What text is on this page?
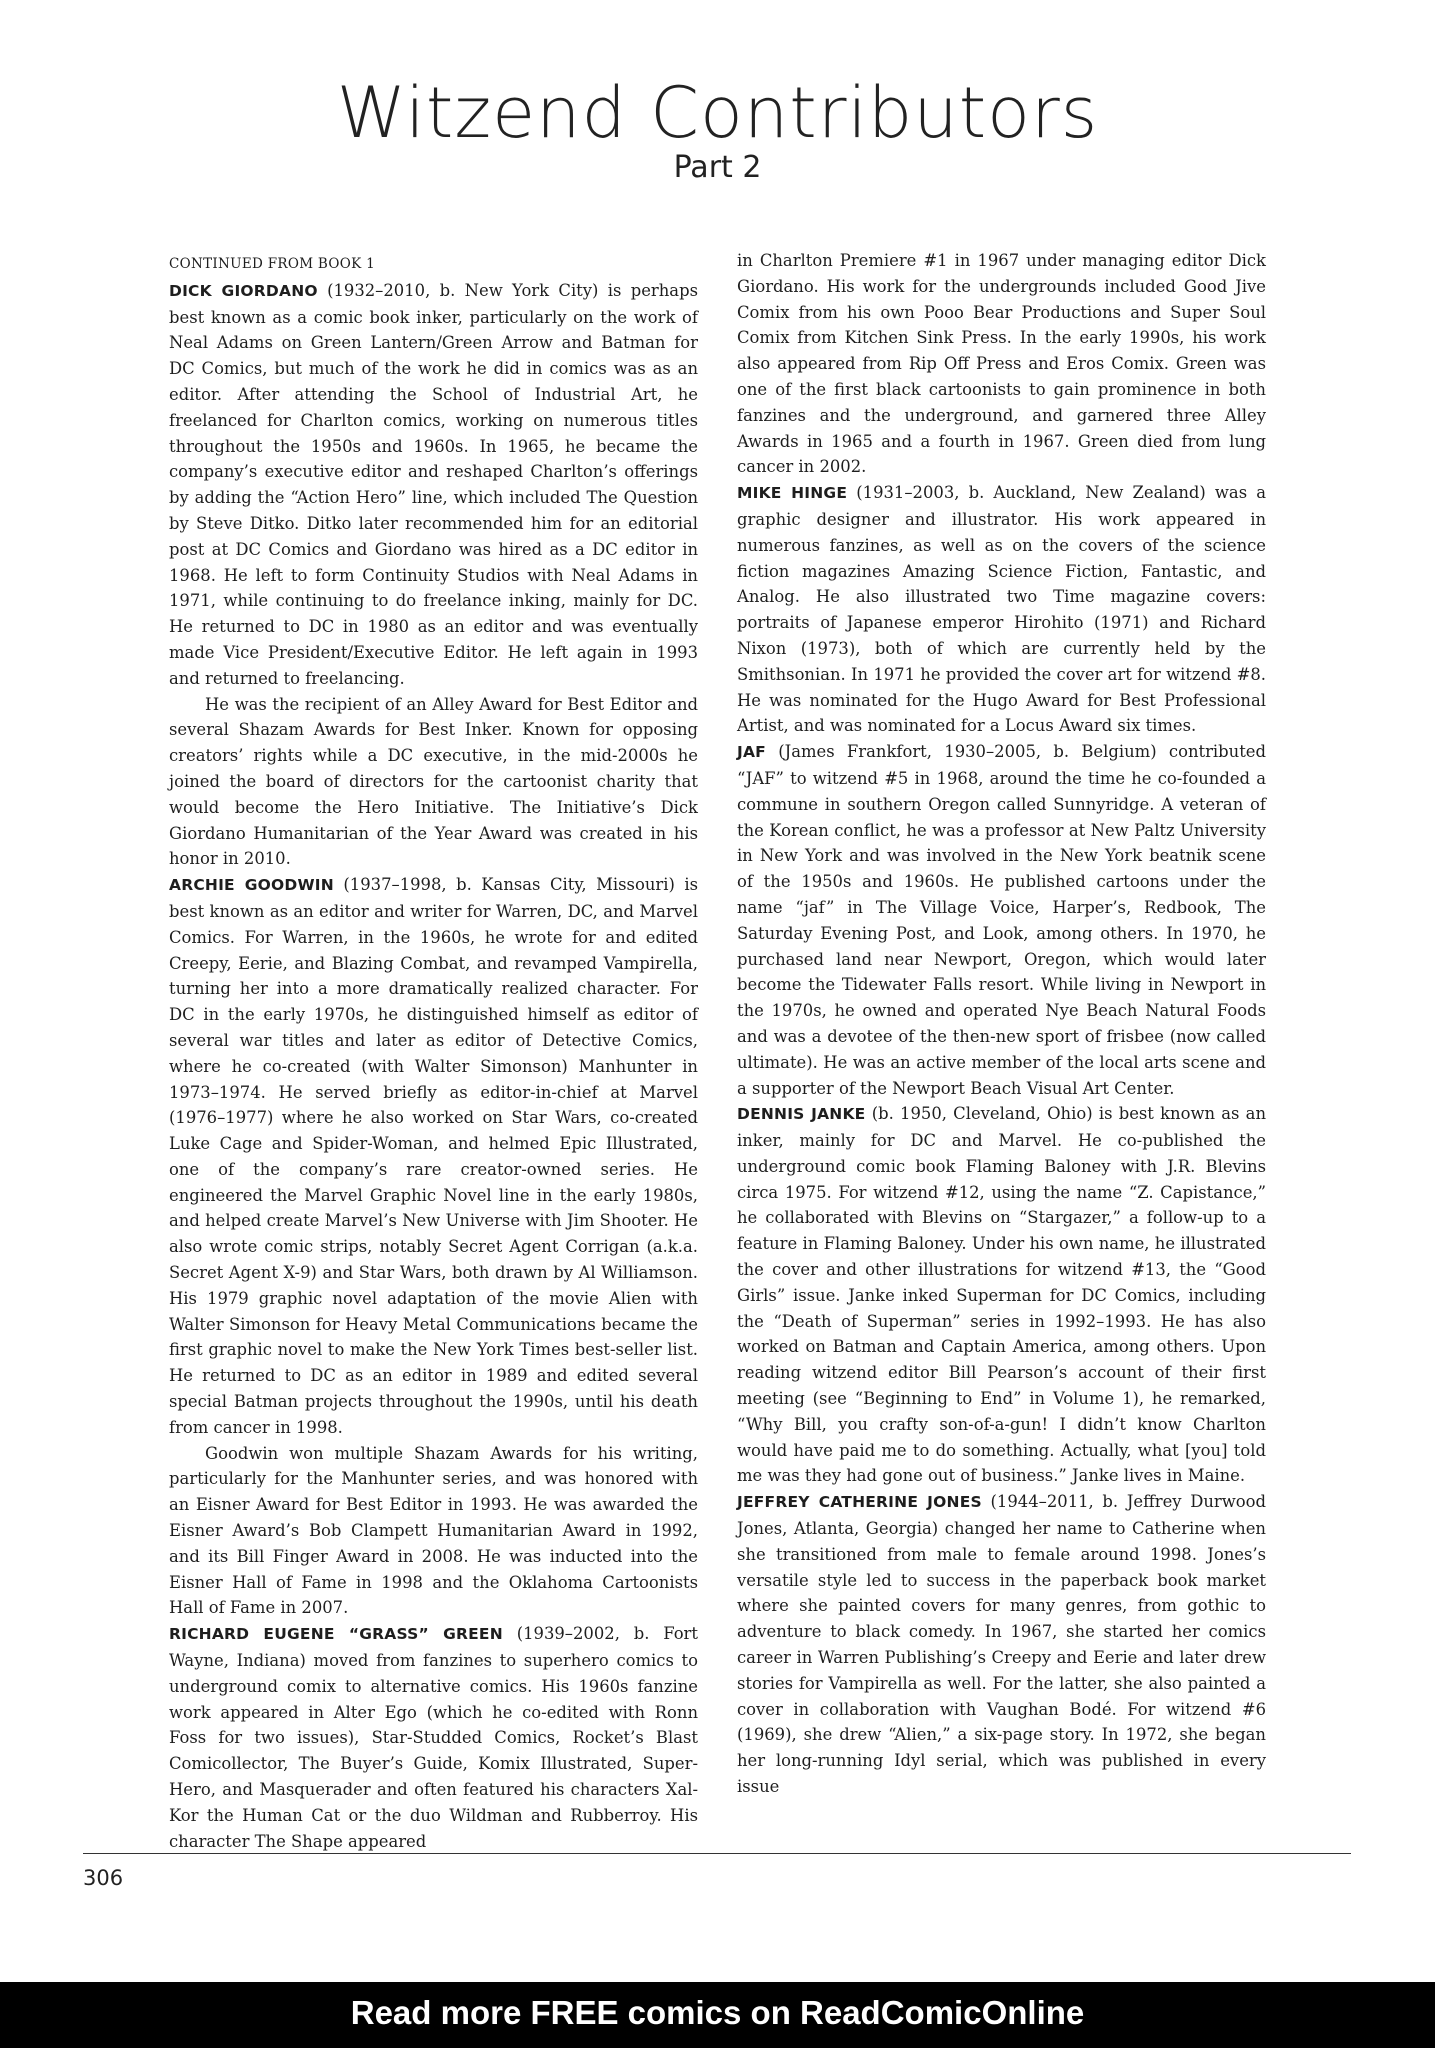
Witzend Contributors
Part 2

CONTINUED FROM BOOK 1

DICK GIORDANO (1932–2010, b. New York City) is perhaps best known as a comic book inker, particularly on the work of Neal Adams on Green Lantern/Green Arrow and Batman for DC Comics, but much of the work he did in comics was as an editor. After attending the School of Industrial Art, he freelanced for Charlton comics, working on numerous titles throughout the 1950s and 1960s. In 1965, he became the company’s executive editor and reshaped Charlton’s offerings by adding the “Action Hero” line, which included The Question by Steve Ditko. Ditko later recommended him for an editorial post at DC Comics and Giordano was hired as a DC editor in 1968. He left to form Continuity Studios with Neal Adams in 1971, while continuing to do freelance inking, mainly for DC. He returned to DC in 1980 as an editor and was eventually made Vice President/Executive Editor. He left again in 1993 and returned to freelancing.

He was the recipient of an Alley Award for Best Editor and several Shazam Awards for Best Inker. Known for opposing creators’ rights while a DC executive, in the mid-2000s he joined the board of directors for the cartoonist charity that would become the Hero Initiative. The Initiative’s Dick Giordano Humanitarian of the Year Award was created in his honor in 2010.

ARCHIE GOODWIN (1937–1998, b. Kansas City, Missouri) is best known as an editor and writer for Warren, DC, and Marvel Comics. For Warren, in the 1960s, he wrote for and edited Creepy, Eerie, and Blazing Combat, and revamped Vampirella, turning her into a more dramatically realized character. For DC in the early 1970s, he distinguished himself as editor of several war titles and later as editor of Detective Comics, where he co-created (with Walter Simonson) Manhunter in 1973–1974. He served briefly as editor-in-chief at Marvel (1976–1977) where he also worked on Star Wars, co-created Luke Cage and Spider-Woman, and helmed Epic Illustrated, one of the company’s rare creator-owned series. He engineered the Marvel Graphic Novel line in the early 1980s, and helped create Marvel’s New Universe with Jim Shooter. He also wrote comic strips, notably Secret Agent Corrigan (a.k.a. Secret Agent X-9) and Star Wars, both drawn by Al Williamson. His 1979 graphic novel adaptation of the movie Alien with Walter Simonson for Heavy Metal Communications became the first graphic novel to make the New York Times best-seller list. He returned to DC as an editor in 1989 and edited several special Batman projects throughout the 1990s, until his death from cancer in 1998.

Goodwin won multiple Shazam Awards for his writing, particularly for the Manhunter series, and was honored with an Eisner Award for Best Editor in 1993. He was awarded the Eisner Award’s Bob Clampett Humanitarian Award in 1992, and its Bill Finger Award in 2008. He was inducted into the Eisner Hall of Fame in 1998 and the Oklahoma Cartoonists Hall of Fame in 2007.

RICHARD EUGENE “GRASS” GREEN (1939–2002, b. Fort Wayne, Indiana) moved from fanzines to superhero comics to underground comix to alternative comics. His 1960s fanzine work appeared in Alter Ego (which he co-edited with Ronn Foss for two issues), Star-Studded Comics, Rocket’s Blast Comicollector, The Buyer’s Guide, Komix Illustrated, Super-Hero, and Masquerader and often featured his characters Xal-Kor the Human Cat or the duo Wildman and Rubberroy. His character The Shape appeared

in Charlton Premiere #1 in 1967 under managing editor Dick Giordano. His work for the undergrounds included Good Jive Comix from his own Pooo Bear Productions and Super Soul Comix from Kitchen Sink Press. In the early 1990s, his work also appeared from Rip Off Press and Eros Comix. Green was one of the first black cartoonists to gain prominence in both fanzines and the underground, and garnered three Alley Awards in 1965 and a fourth in 1967. Green died from lung cancer in 2002.

MIKE HINGE (1931–2003, b. Auckland, New Zealand) was a graphic designer and illustrator. His work appeared in numerous fanzines, as well as on the covers of the science fiction magazines Amazing Science Fiction, Fantastic, and Analog. He also illustrated two Time magazine covers: portraits of Japanese emperor Hirohito (1971) and Richard Nixon (1973), both of which are currently held by the Smithsonian. In 1971 he provided the cover art for witzend #8. He was nominated for the Hugo Award for Best Professional Artist, and was nominated for a Locus Award six times.

JAF (James Frankfort, 1930–2005, b. Belgium) contributed “JAF” to witzend #5 in 1968, around the time he co-founded a commune in southern Oregon called Sunnyridge. A veteran of the Korean conflict, he was a professor at New Paltz University in New York and was involved in the New York beatnik scene of the 1950s and 1960s. He published cartoons under the name “jaf” in The Village Voice, Harper’s, Redbook, The Saturday Evening Post, and Look, among others. In 1970, he purchased land near Newport, Oregon, which would later become the Tidewater Falls resort. While living in Newport in the 1970s, he owned and operated Nye Beach Natural Foods and was a devotee of the then-new sport of frisbee (now called ultimate). He was an active member of the local arts scene and a supporter of the Newport Beach Visual Art Center.

DENNIS JANKE (b. 1950, Cleveland, Ohio) is best known as an inker, mainly for DC and Marvel. He co-published the underground comic book Flaming Baloney with J.R. Blevins circa 1975. For witzend #12, using the name “Z. Capistance,” he collaborated with Blevins on “Stargazer,” a follow-up to a feature in Flaming Baloney. Under his own name, he illustrated the cover and other illustrations for witzend #13, the “Good Girls” issue. Janke inked Superman for DC Comics, including the “Death of Superman” series in 1992–1993. He has also worked on Batman and Captain America, among others. Upon reading witzend editor Bill Pearson’s account of their first meeting (see “Beginning to End” in Volume 1), he remarked, “Why Bill, you crafty son-of-a-gun! I didn’t know Charlton would have paid me to do something. Actually, what [you] told me was they had gone out of business.” Janke lives in Maine.

JEFFREY CATHERINE JONES (1944–2011, b. Jeffrey Durwood Jones, Atlanta, Georgia) changed her name to Catherine when she transitioned from male to female around 1998. Jones’s versatile style led to success in the paperback book market where she painted covers for many genres, from gothic to adventure to black comedy. In 1967, she started her comics career in Warren Publishing’s Creepy and Eerie and later drew stories for Vampirella as well. For the latter, she also painted a cover in collaboration with Vaughan Bodé. For witzend #6 (1969), she drew “Alien,” a six-page story. In 1972, she began her long-running Idyl serial, which was published in every issue

306
Read more FREE comics on ReadComicOnline
